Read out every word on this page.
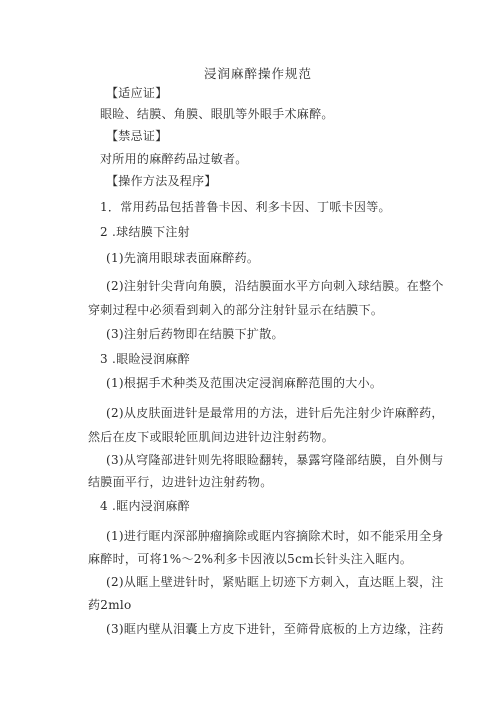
浸润麻醉操作规范
【适应证】
眼睑、结膜、角膜、眼肌等外眼手术麻醉。
【禁忌证】
对所用的麻醉药品过敏者。
【操作方法及程序】
1．常用药品包括普鲁卡因、利多卡因、丁哌卡因等。
2 .球结膜下注射
(1)先滴用眼球表面麻醉药。
(2)注射针尖背向角膜，沿结膜面水平方向刺入球结膜。在整个
穿刺过程中必须看到刺入的部分注射针显示在结膜下。
(3)注射后药物即在结膜下扩散。
3 .眼睑浸润麻醉
(1)根据手术种类及范围决定浸润麻醉范围的大小。
(2)从皮肤面进针是最常用的方法，进针后先注射少许麻醉药，
然后在皮下或眼轮匝肌间边进针边注射药物。
(3)从穹隆部进针则先将眼睑翻转，暴露穹隆部结膜，自外侧与
结膜面平行，边进针边注射药物。
4 .眶内浸润麻醉
(1)进行眶内深部肿瘤摘除或眶内容摘除术时，如不能采用全身
麻醉时，可将1%～2%利多卡因液以5cm长针头注入眶内。
(2)从眶上壁进针时，紧贴眶上切迹下方刺入，直达眶上裂，注
药2mlo
(3)眶内壁从泪囊上方皮下进针，至筛骨底板的上方边缘，注药
